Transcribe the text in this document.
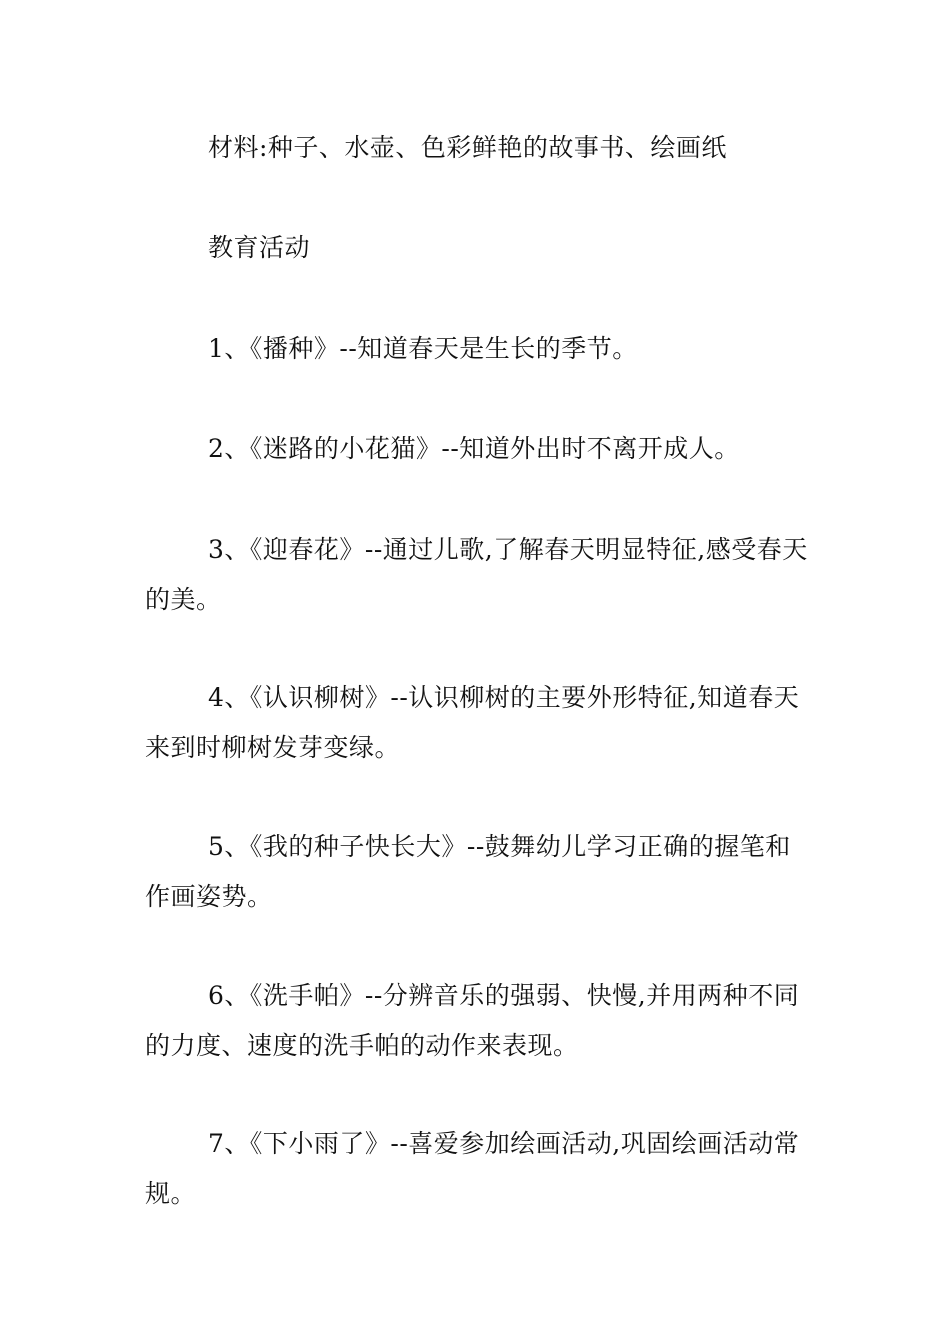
材料:种子、水壶、色彩鲜艳的故事书、绘画纸

教育活动

1、《播种》--知道春天是生长的季节。

2、《迷路的小花猫》--知道外出时不离开成人。

3、《迎春花》--通过儿歌,了解春天明显特征,感受春天的美。

4、《认识柳树》--认识柳树的主要外形特征,知道春天来到时柳树发芽变绿。

5、《我的种子快长大》--鼓舞幼儿学习正确的握笔和作画姿势。

6、《洗手帕》--分辨音乐的强弱、快慢,并用两种不同的力度、速度的洗手帕的动作来表现。

7、《下小雨了》--喜爱参加绘画活动,巩固绘画活动常规。
